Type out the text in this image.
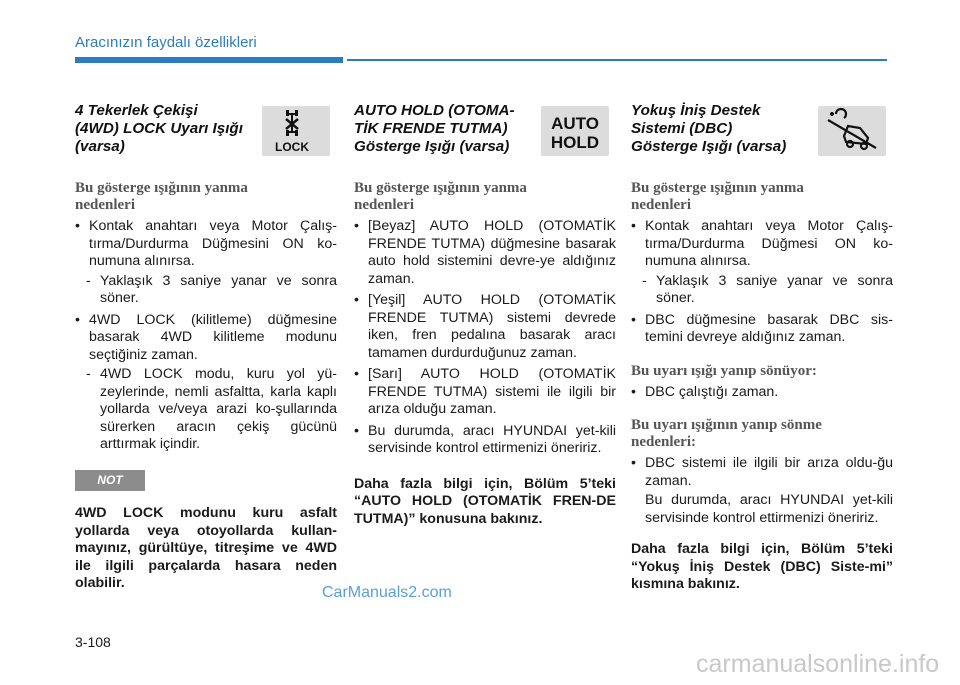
Aracınızın faydalı özellikleri
LOCK
4 Tekerlek Çekişi (4WD) LOCK Uyarı Işığı (varsa)
Bu gösterge ışığının yanma nedenleri

• Kontak anahtarı veya Motor Çalış-tırma/Durdurma Düğmesini ON ko-numuna alınırsa.

- Yaklaşık 3 saniye yanar ve sonra söner.

• 4WD LOCK (kilitleme) düğmesine basarak 4WD kilitleme modunu seçtiğiniz zaman.

- 4WD LOCK modu, kuru yol yü-zeylerinde, nemli asfaltta, karla kaplı yollarda ve/veya arazi ko-şullarında sürerken aracın çekiş gücünü arttırmak içindir.

NOT

4WD LOCK modunu kuru asfalt yollarda veya otoyollarda kullan-mayınız, gürültüye, titreşime ve 4WD ile ilgili parçalarda hasara neden olabilir.

AUTO
HOLD
AUTO HOLD (OTOMA-TİK FRENDE TUTMA) Gösterge Işığı (varsa)
Bu gösterge ışığının yanma nedenleri

• [Beyaz] AUTO HOLD (OTOMATİK FRENDE TUTMA) düğmesine basarak auto hold sistemini devre-ye aldığınız zaman.

• [Yeşil] AUTO HOLD (OTOMATİK FRENDE TUTMA) sistemi devrede iken, fren pedalına basarak aracı tamamen durdurduğunuz zaman.

• [Sarı] AUTO HOLD (OTOMATİK FRENDE TUTMA) sistemi ile ilgili bir arıza olduğu zaman.

• Bu durumda, aracı HYUNDAI yet-kili servisinde kontrol ettirmenizi öneririz.

Daha fazla bilgi için, Bölüm 5’teki “AUTO HOLD (OTOMATİK FREN-DE TUTMA)” konusuna bakınız.

Yokuş İniş Destek Sistemi (DBC) Gösterge Işığı (varsa)
Bu gösterge ışığının yanma nedenleri

• Kontak anahtarı veya Motor Çalış-tırma/Durdurma Düğmesi ON ko-numuna alınırsa.

- Yaklaşık 3 saniye yanar ve sonra söner.

• DBC düğmesine basarak DBC sis-temini devreye aldığınız zaman.

Bu uyarı ışığı yanıp sönüyor:

• DBC çalıştığı zaman.

Bu uyarı ışığının yanıp sönme nedenleri:

• DBC sistemi ile ilgili bir arıza oldu-ğu zaman.

Bu durumda, aracı HYUNDAI yet-kili servisinde kontrol ettirmenizi öneririz.

Daha fazla bilgi için, Bölüm 5’teki “Yokuş İniş Destek (DBC) Siste-mi” kısmına bakınız.

CarManuals2.com
3-108
carmanualsonline.info
